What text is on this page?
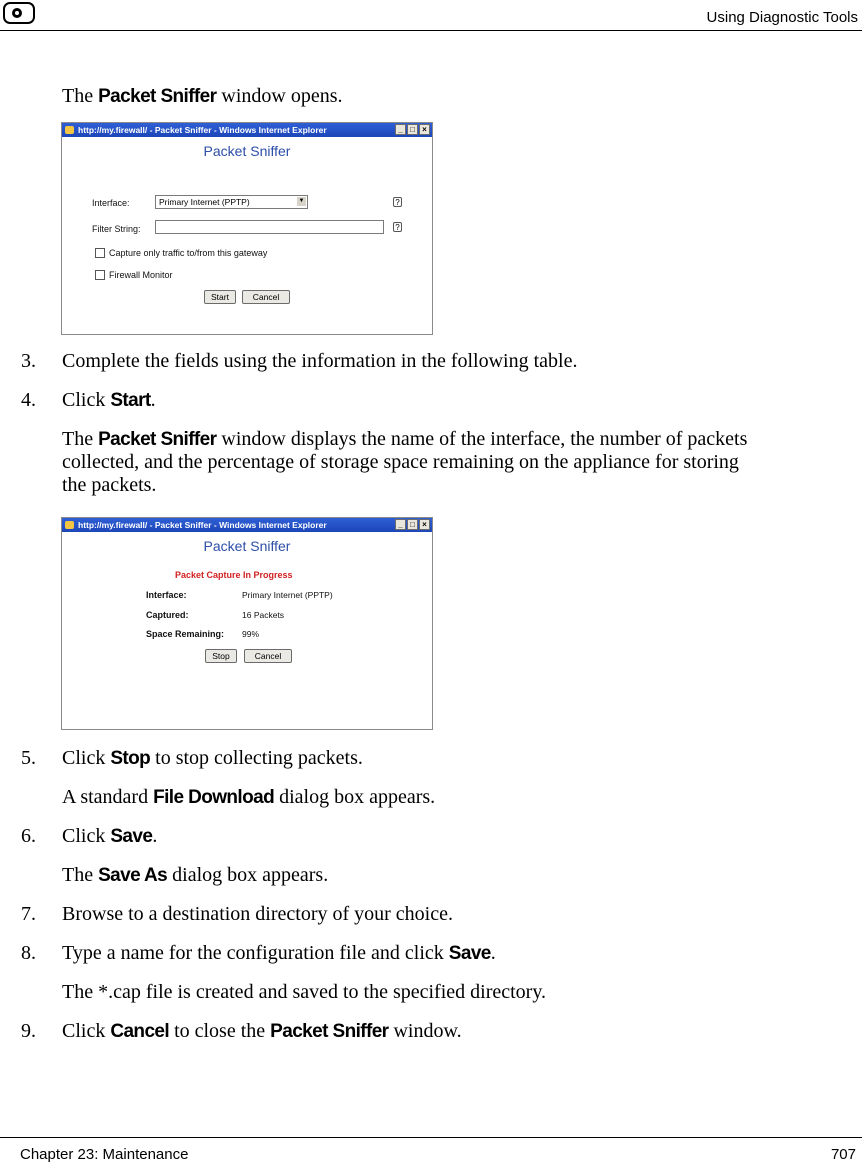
Using Diagnostic Tools

The Packet Sniffer window opens.

http://my.firewall/ - Packet Sniffer - Windows Internet Explorer	_ □ ×
Packet Sniffer
Interface:	Primary Internet (PPTP)	▼	?
Filter String:	?
Capture only traffic to/from this gateway
Firewall Monitor
Start	Cancel
3. Complete the fields using the information in the following table.

4. Click Start.

The Packet Sniffer window displays the name of the interface, the number of packets
collected, and the percentage of storage space remaining on the appliance for storing
the packets.

http://my.firewall/ - Packet Sniffer - Windows Internet Explorer	_ □ ×
Packet Sniffer
Packet Capture In Progress
Interface:	Primary Internet (PPTP)
Captured:	16 Packets
Space Remaining: 99%
Stop	Cancel
5. Click Stop to stop collecting packets.

A standard File Download dialog box appears.

6. Click Save.

The Save As dialog box appears.

7. Browse to a destination directory of your choice.

8. Type a name for the configuration file and click Save.

The *.cap file is created and saved to the specified directory.

9. Click Cancel to close the Packet Sniffer window.

Chapter 23: Maintenance	707
